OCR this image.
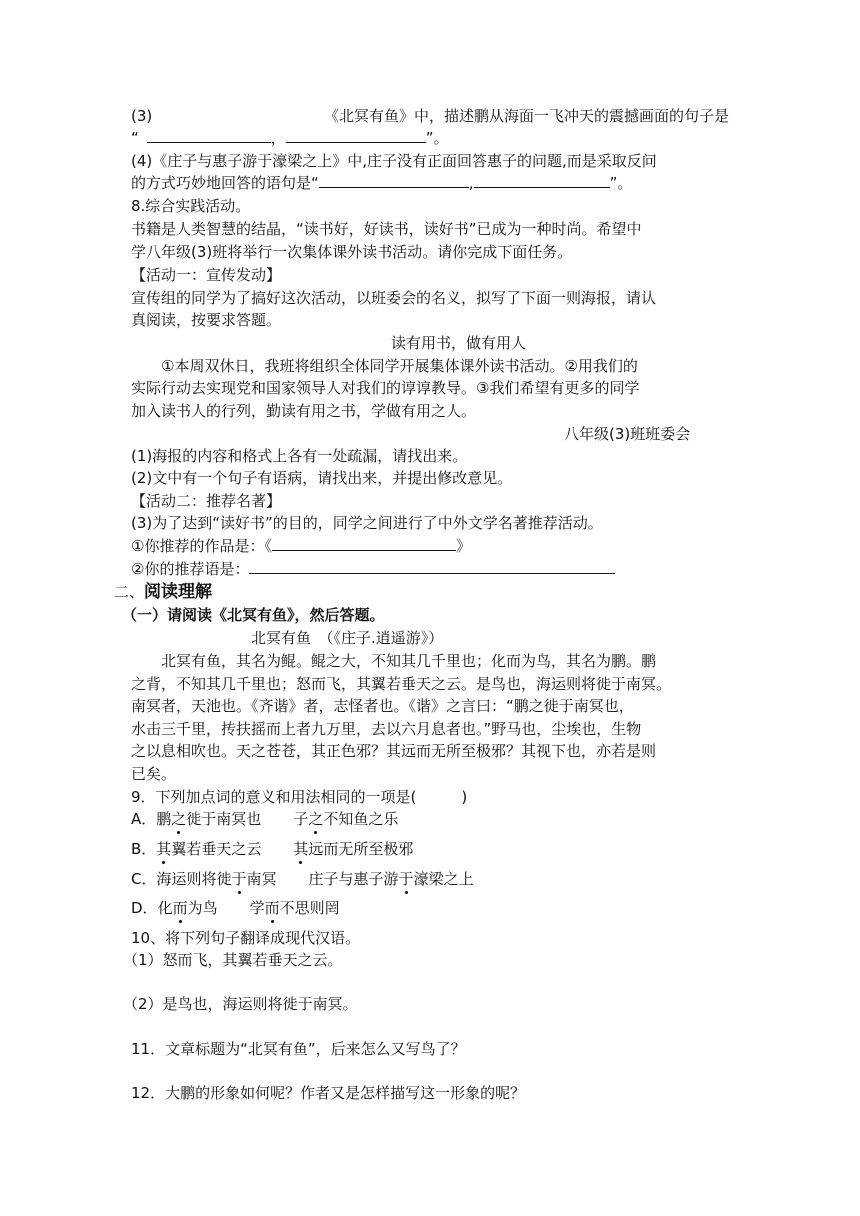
(3)	《北冥有鱼》中，描述鹏从海面一飞冲天的震撼画面的句子是
“	，	”。
(4)《庄子与惠子游于濠梁之上》中,庄子没有正面回答惠子的问题,而是采取反问
的方式巧妙地回答的语句是“	,	”。
8.综合实践活动。
书籍是人类智慧的结晶，“读书好，好读书，读好书”已成为一种时尚。希望中
学八年级(3)班将举行一次集体课外读书活动。请你完成下面任务。
【活动一：宣传发动】
宣传组的同学为了搞好这次活动，以班委会的名义，拟写了下面一则海报，请认
真阅读，按要求答题。
读有用书，做有用人
①本周双休日，我班将组织全体同学开展集体课外读书活动。②用我们的
实际行动去实现党和国家领导人对我们的谆谆教导。③我们希望有更多的同学
加入读书人的行列，勤读有用之书，学做有用之人。
八年级(3)班班委会
(1)海报的内容和格式上各有一处疏漏，请找出来。
(2)文中有一个句子有语病，请找出来，并提出修改意见。
【活动二：推荐名著】
(3)为了达到“读好书”的目的，同学之间进行了中外文学名著推荐活动。
①你推荐的作品是：《	》
②你的推荐语是：
二、阅读理解
（一）请阅读《北冥有鱼》，然后答题。
北冥有鱼　（《庄子.逍遥游》）
北冥有鱼，其名为鲲。鲲之大，不知其几千里也；化而为鸟，其名为鹏。鹏
之背，不知其几千里也；怒而飞，其翼若垂天之云。是鸟也，海运则将徙于南冥。
南冥者，天池也。《齐谐》者，志怪者也。《谐》之言曰：“鹏之徙于南冥也，
水击三千里，抟扶摇而上者九万里，去以六月息者也。”野马也，尘埃也，生物
之以息相吹也。天之苍苍，其正色邪？其远而无所至极邪？其视下也，亦若是则
已矣。
9．下列加点词的意义和用法相同的一项是(　　　)
A．鹏之徙于南冥也 子之不知鱼之乐
B．其翼若垂天之云 其远而无所至极邪
C．海运则将徙于南冥 庄子与惠子游于濠梁之上
D．化而为鸟 学而不思则罔
10、将下列句子翻译成现代汉语。
（1）怒而飞，其翼若垂天之云。
（2）是鸟也，海运则将徙于南冥。
11．文章标题为“北冥有鱼”，后来怎么又写鸟了？
12．大鹏的形象如何呢？作者又是怎样描写这一形象的呢？
